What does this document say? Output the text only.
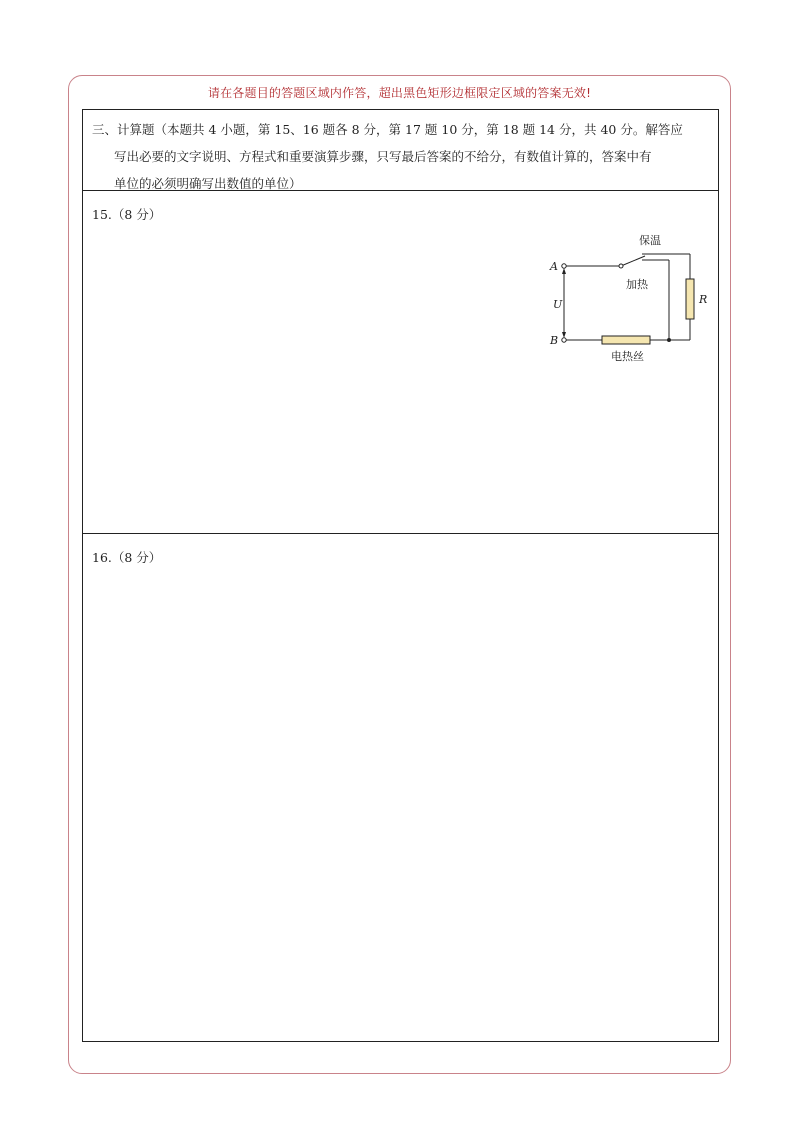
请在各题目的答题区域内作答，超出黑色矩形边框限定区域的答案无效!
三、计算题（本题共 4 小题，第 15、16 题各 8 分，第 17 题 10 分，第 18 题 14 分，共 40 分。解答应
写出必要的文字说明、方程式和重要演算步骤，只写最后答案的不给分，有数值计算的，答案中有
单位的必须明确写出数值的单位）
15.（8 分）
保温
加热
A
B
U	R
电热丝
16.（8 分）
